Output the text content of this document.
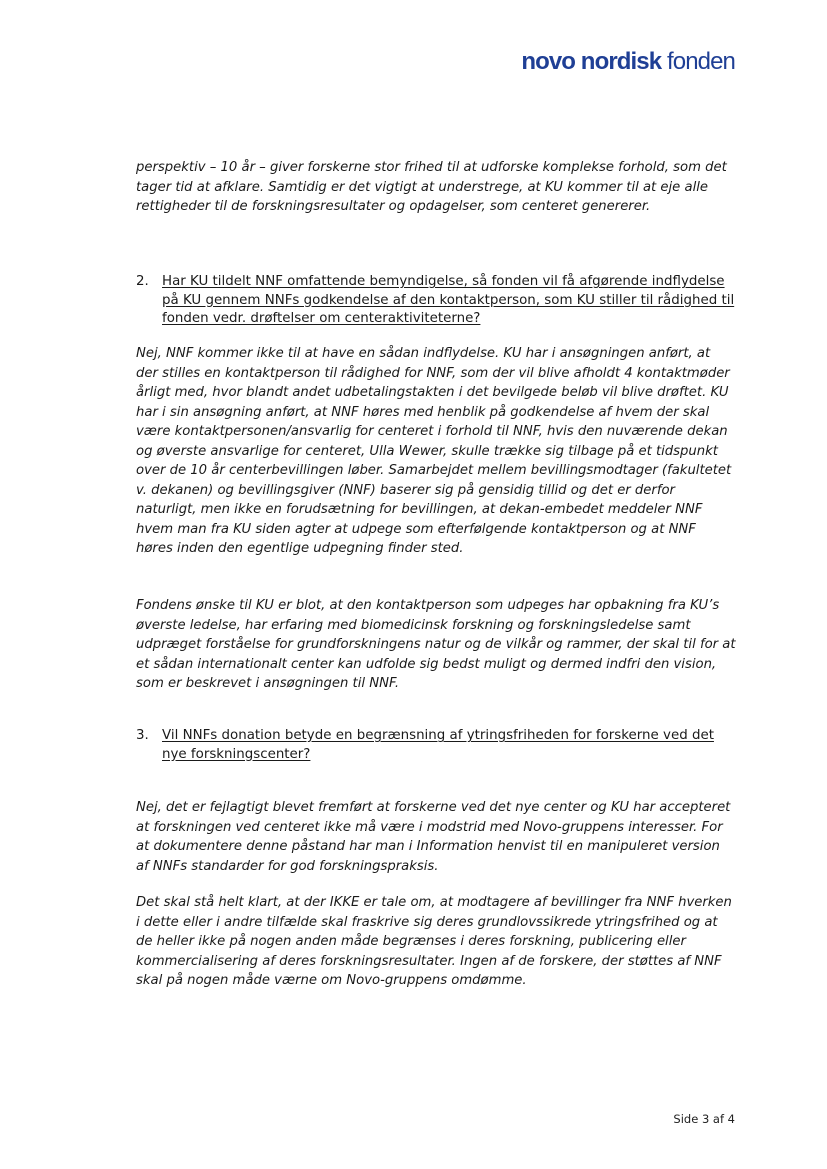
novo nordisk fonden

perspektiv – 10 år – giver forskerne stor frihed til at udforske komplekse forhold, som det tager tid at afklare. Samtidig er det vigtigt at understrege, at KU kommer til at eje alle rettigheder til de forskningsresultater og opdagelser, som centeret genererer.

2. Har KU tildelt NNF omfattende bemyndigelse, så fonden vil få afgørende indflydelse på KU gennem NNFs godkendelse af den kontaktperson, som KU stiller til rådighed til fonden vedr. drøftelser om centeraktiviteterne?

Nej, NNF kommer ikke til at have en sådan indflydelse. KU har i ansøgningen anført, at der stilles en kontaktperson til rådighed for NNF, som der vil blive afholdt 4 kontaktmøder årligt med, hvor blandt andet udbetalingstakten i det bevilgede beløb vil blive drøftet. KU har i sin ansøgning anført, at NNF høres med henblik på godkendelse af hvem der skal være kontaktpersonen/ansvarlig for centeret i forhold til NNF, hvis den nuværende dekan og øverste ansvarlige for centeret, Ulla Wewer, skulle trække sig tilbage på et tidspunkt over de 10 år centerbevillingen løber. Samarbejdet mellem bevillingsmodtager (fakultetet v. dekanen) og bevillingsgiver (NNF) baserer sig på gensidig tillid og det er derfor naturligt, men ikke en forudsætning for bevillingen, at dekan-embedet meddeler NNF hvem man fra KU siden agter at udpege som efterfølgende kontaktperson og at NNF høres inden den egentlige udpegning finder sted.

Fondens ønske til KU er blot, at den kontaktperson som udpeges har opbakning fra KU’s øverste ledelse, har erfaring med biomedicinsk forskning og forskningsledelse samt udpræget forståelse for grundforskningens natur og de vilkår og rammer, der skal til for at et sådan internationalt center kan udfolde sig bedst muligt og dermed indfri den vision, som er beskrevet i ansøgningen til NNF.

3. Vil NNFs donation betyde en begrænsning af ytringsfriheden for forskerne ved det nye forskningscenter?

Nej, det er fejlagtigt blevet fremført at forskerne ved det nye center og KU har accepteret at forskningen ved centeret ikke må være i modstrid med Novo-gruppens interesser. For at dokumentere denne påstand har man i Information henvist til en manipuleret version af NNFs standarder for god forskningspraksis.

Det skal stå helt klart, at der IKKE er tale om, at modtagere af bevillinger fra NNF hverken i dette eller i andre tilfælde skal fraskrive sig deres grundlovssikrede ytringsfrihed og at de heller ikke på nogen anden måde begrænses i deres forskning, publicering eller kommercialisering af deres forskningsresultater. Ingen af de forskere, der støttes af NNF skal på nogen måde værne om Novo-gruppens omdømme.

Side 3 af 4
